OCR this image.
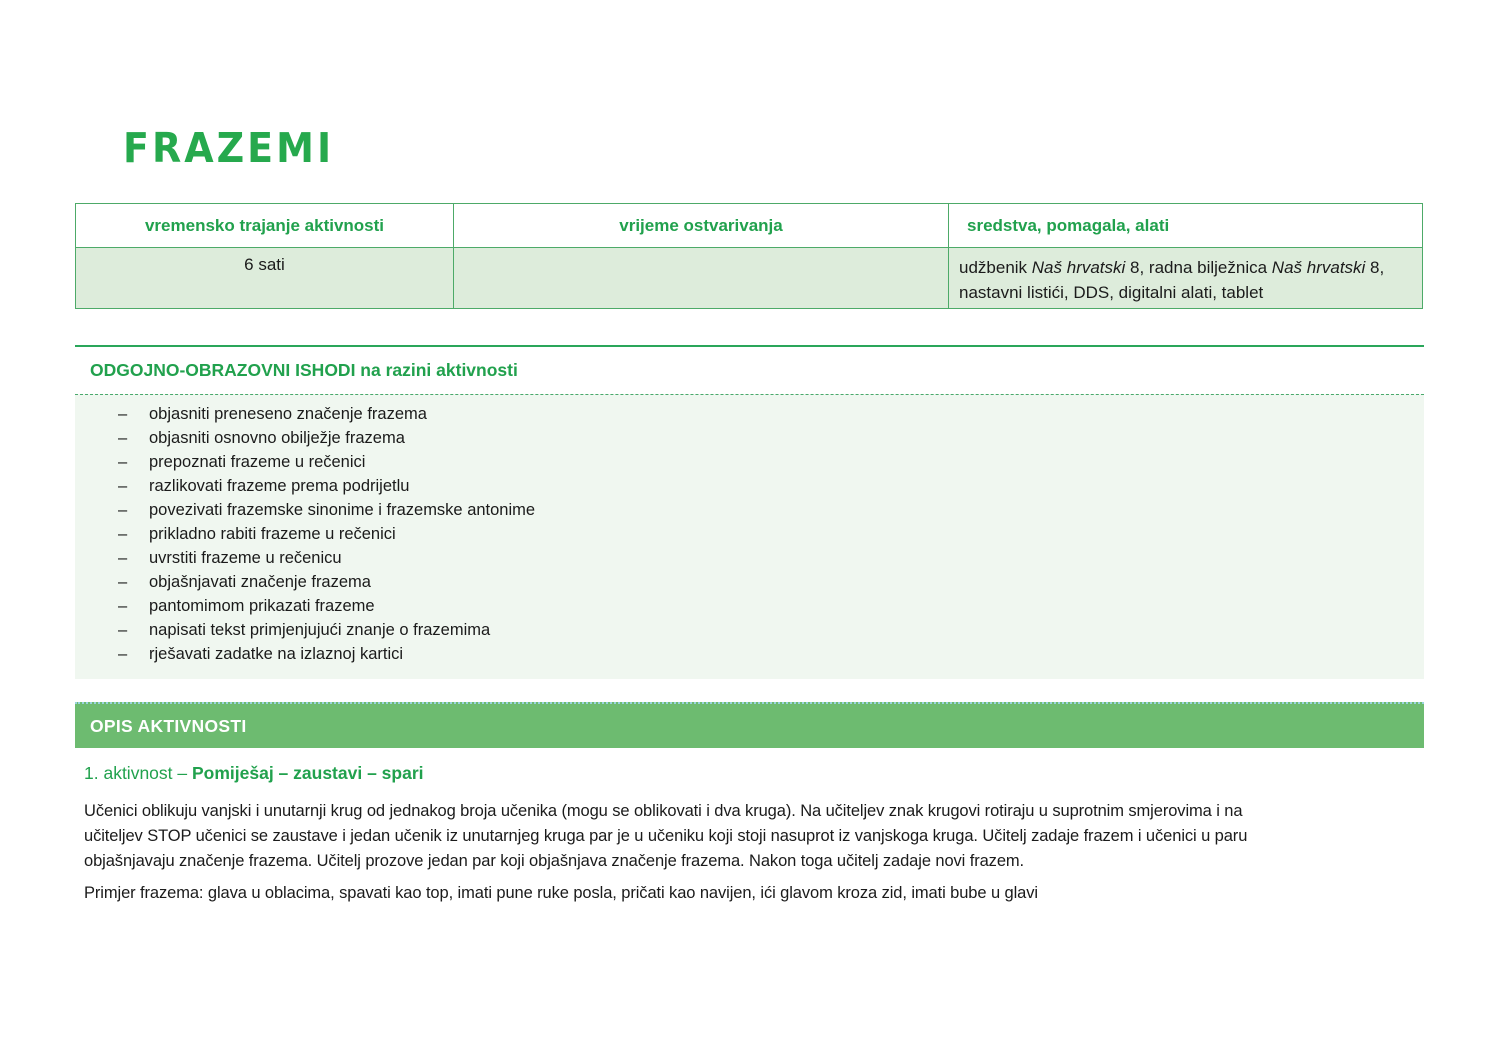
FRAZEMI
vremensko trajanje aktivnosti	vrijeme ostvarivanja	sredstva, pomagala, alati
6 sati		udžbenik Naš hrvatski 8, radna bilježnica Naš hrvatski 8, nastavni listići, DDS, digitalni alati, tablet
ODGOJNO-OBRAZOVNI ISHODI na razini aktivnosti
–	objasniti preneseno značenje frazema
–	objasniti osnovno obilježje frazema
–	prepoznati frazeme u rečenici
–	razlikovati frazeme prema podrijetlu
–	povezivati frazemske sinonime i frazemske antonime
–	prikladno rabiti frazeme u rečenici
–	uvrstiti frazeme u rečenicu
–	objašnjavati značenje frazema
–	pantomimom prikazati frazeme
–	napisati tekst primjenjujući znanje o frazemima
–	rješavati zadatke na izlaznoj kartici
OPIS AKTIVNOSTI
1. aktivnost – Pomiješaj – zaustavi – spari
Učenici oblikuju vanjski i unutarnji krug od jednakog broja učenika (mogu se oblikovati i dva kruga). Na učiteljev znak krugovi rotiraju u suprotnim smjerovima i na
učiteljev STOP učenici se zaustave i jedan učenik iz unutarnjeg kruga par je u učeniku koji stoji nasuprot iz vanjskoga kruga. Učitelj zadaje frazem i učenici u paru
objašnjavaju značenje frazema. Učitelj prozove jedan par koji objašnjava značenje frazema. Nakon toga učitelj zadaje novi frazem.
Primjer frazema: glava u oblacima, spavati kao top, imati pune ruke posla, pričati kao navijen, ići glavom kroza zid, imati bube u glavi
